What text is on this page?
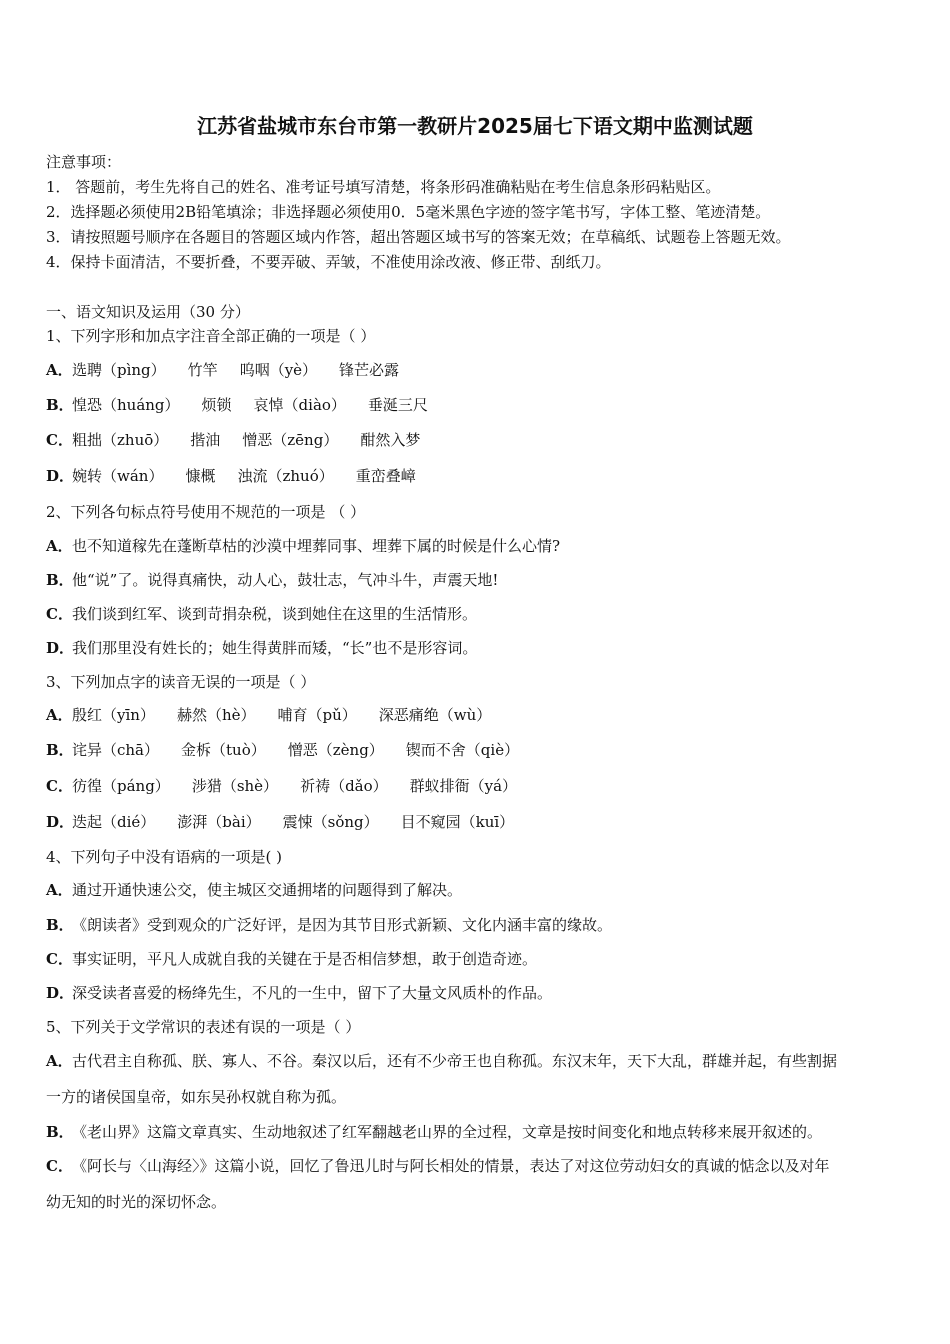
江苏省盐城市东台市第一教研片2025届七下语文期中监测试题
注意事项：
1． 答题前，考生先将自己的姓名、准考证号填写清楚，将条形码准确粘贴在考生信息条形码粘贴区。
2．选择题必须使用2B铅笔填涂；非选择题必须使用0．5毫米黑色字迹的签字笔书写，字体工整、笔迹清楚。
3．请按照题号顺序在各题目的答题区域内作答，超出答题区域书写的答案无效；在草稿纸、试题卷上答题无效。
4．保持卡面清洁，不要折叠，不要弄破、弄皱，不准使用涂改液、修正带、刮纸刀。
一、语文知识及运用（30 分）
1、下列字形和加点字注音全部正确的一项是（ ）
A．选聘（pìng） 竹竿 呜咽（yè） 锋芒必露
B．惶恐（huáng） 烦锁 哀悼（diào） 垂涎三尺
C．粗拙（zhuō） 揩油 憎恶（zēng） 酣然入梦
D．婉转（wán） 慷概 浊流（zhuó） 重峦叠嶂
2、下列各句标点符号使用不规范的一项是 （ ）
A．也不知道稼先在蓬断草枯的沙漠中埋葬同事、埋葬下属的时候是什么心情?
B．他“说”了。说得真痛快，动人心，鼓壮志，气冲斗牛，声震天地!
C．我们谈到红军、谈到苛捐杂税，谈到她住在这里的生活情形。
D．我们那里没有姓长的；她生得黄胖而矮，“长”也不是形容词。
3、下列加点字的读音无误的一项是（ ）
A．殷红（yīn） 赫然（hè） 哺育（pǔ） 深恶痛绝（wù）
B．诧异（chā） 金柝（tuò） 憎恶（zèng） 锲而不舍（qiè）
C．彷徨（páng） 涉猎（shè） 祈祷（dǎo） 群蚁排衙（yá）
D．迭起（dié） 澎湃（bài） 震悚（sǒng） 目不窥园（kuī）
4、下列句子中没有语病的一项是( )
A．通过开通快速公交，使主城区交通拥堵的问题得到了解决。
B．《朗读者》受到观众的广泛好评，是因为其节目形式新颖、文化内涵丰富的缘故。
C．事实证明，平凡人成就自我的关键在于是否相信梦想，敢于创造奇迹。
D．深受读者喜爱的杨绛先生，不凡的一生中，留下了大量文风质朴的作品。
5、下列关于文学常识的表述有误的一项是（ ）
A．古代君主自称孤、朕、寡人、不谷。秦汉以后，还有不少帝王也自称孤。东汉末年，天下大乱，群雄并起，有些割据
一方的诸侯国皇帝，如东吴孙权就自称为孤。
B．《老山界》这篇文章真实、生动地叙述了红军翻越老山界的全过程，文章是按时间变化和地点转移来展开叙述的。
C．《阿长与〈山海经〉》这篇小说，回忆了鲁迅儿时与阿长相处的情景，表达了对这位劳动妇女的真诚的惦念以及对年
幼无知的时光的深切怀念。
